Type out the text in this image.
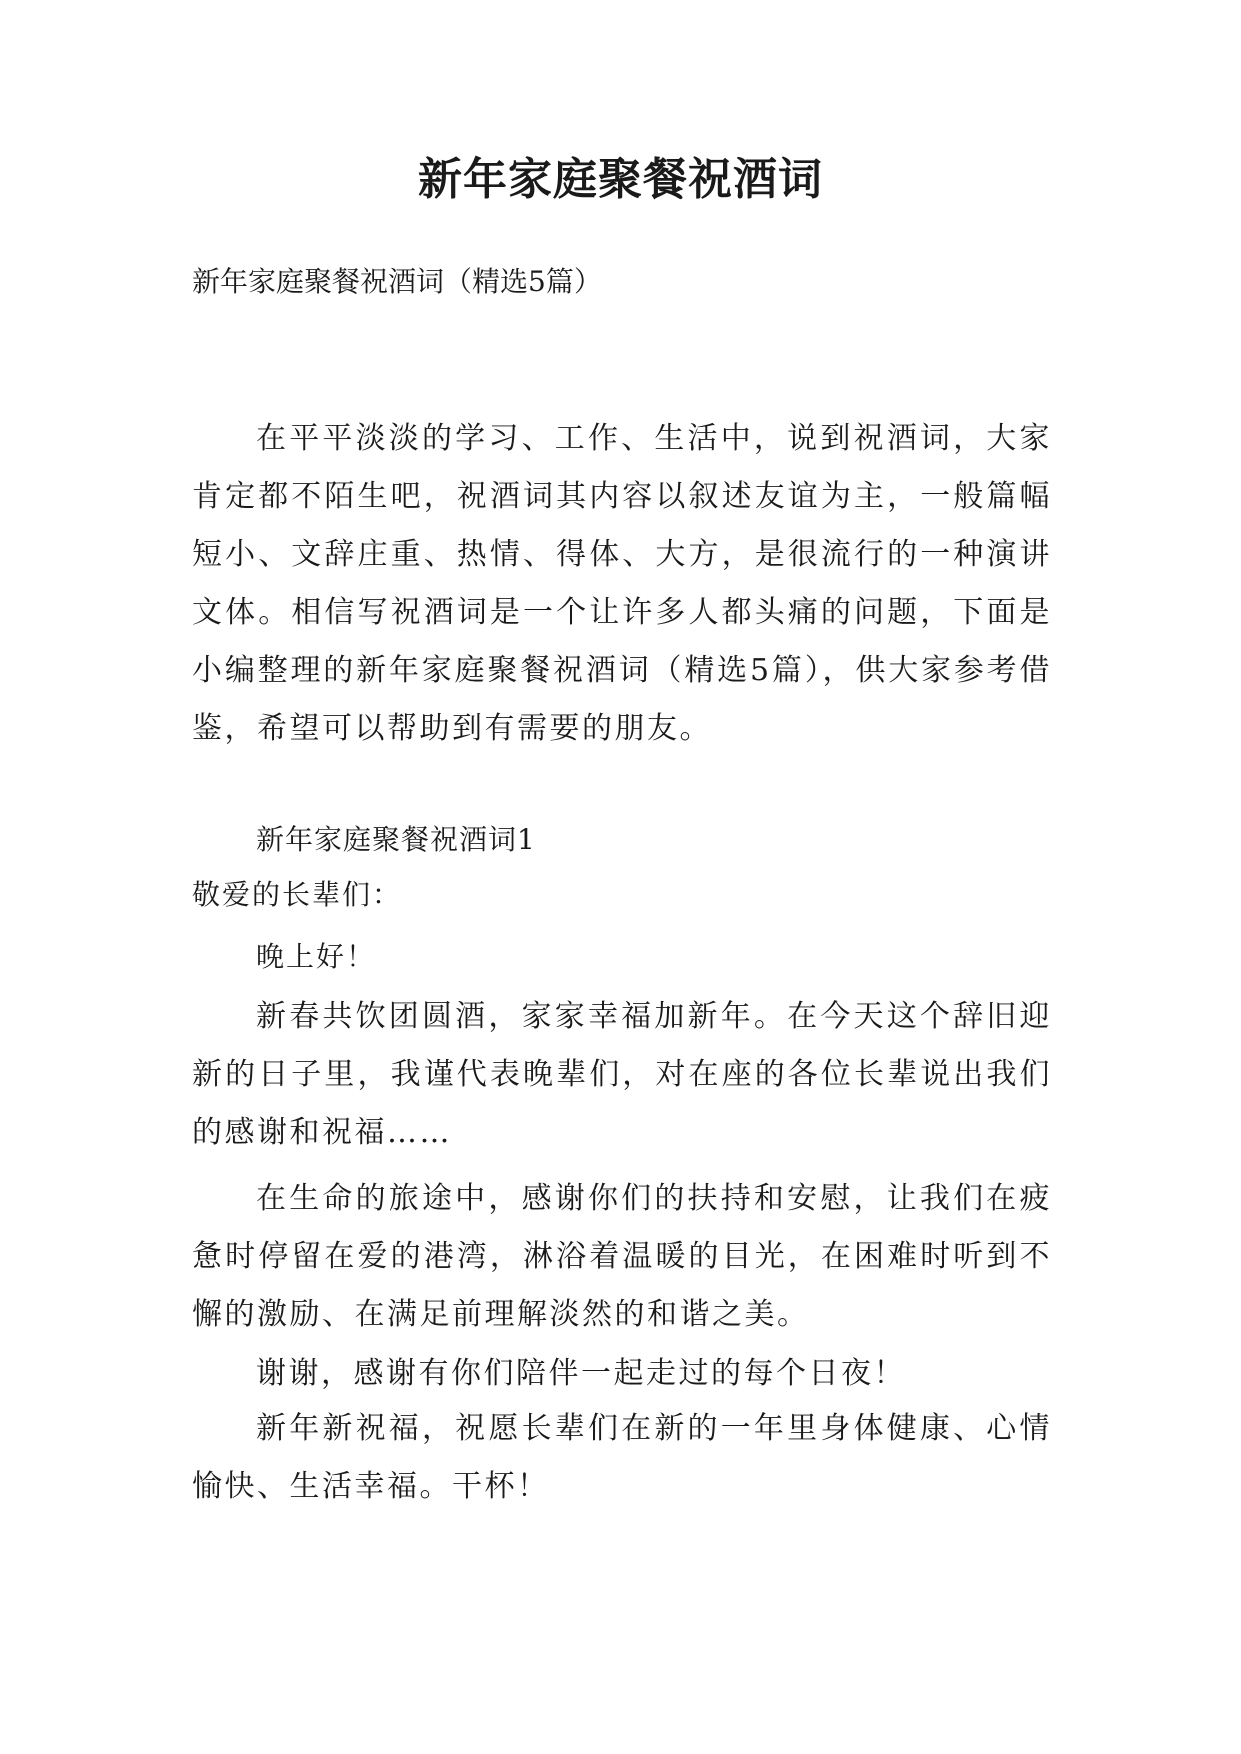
新年家庭聚餐祝酒词
新年家庭聚餐祝酒词（精选5篇）
在平平淡淡的学习、工作、生活中，说到祝酒词，大家肯定都不陌生吧，祝酒词其内容以叙述友谊为主，一般篇幅短小、文辞庄重、热情、得体、大方，是很流行的一种演讲文体。相信写祝酒词是一个让许多人都头痛的问题，下面是小编整理的新年家庭聚餐祝酒词（精选5篇），供大家参考借鉴，希望可以帮助到有需要的朋友。
新年家庭聚餐祝酒词1
敬爱的长辈们：
晚上好！
新春共饮团圆酒，家家幸福加新年。在今天这个辞旧迎新的日子里，我谨代表晚辈们，对在座的各位长辈说出我们的感谢和祝福……
在生命的旅途中，感谢你们的扶持和安慰，让我们在疲惫时停留在爱的港湾，淋浴着温暖的目光，在困难时听到不懈的激励、在满足前理解淡然的和谐之美。
谢谢，感谢有你们陪伴一起走过的每个日夜！
新年新祝福，祝愿长辈们在新的一年里身体健康、心情愉快、生活幸福。干杯！
